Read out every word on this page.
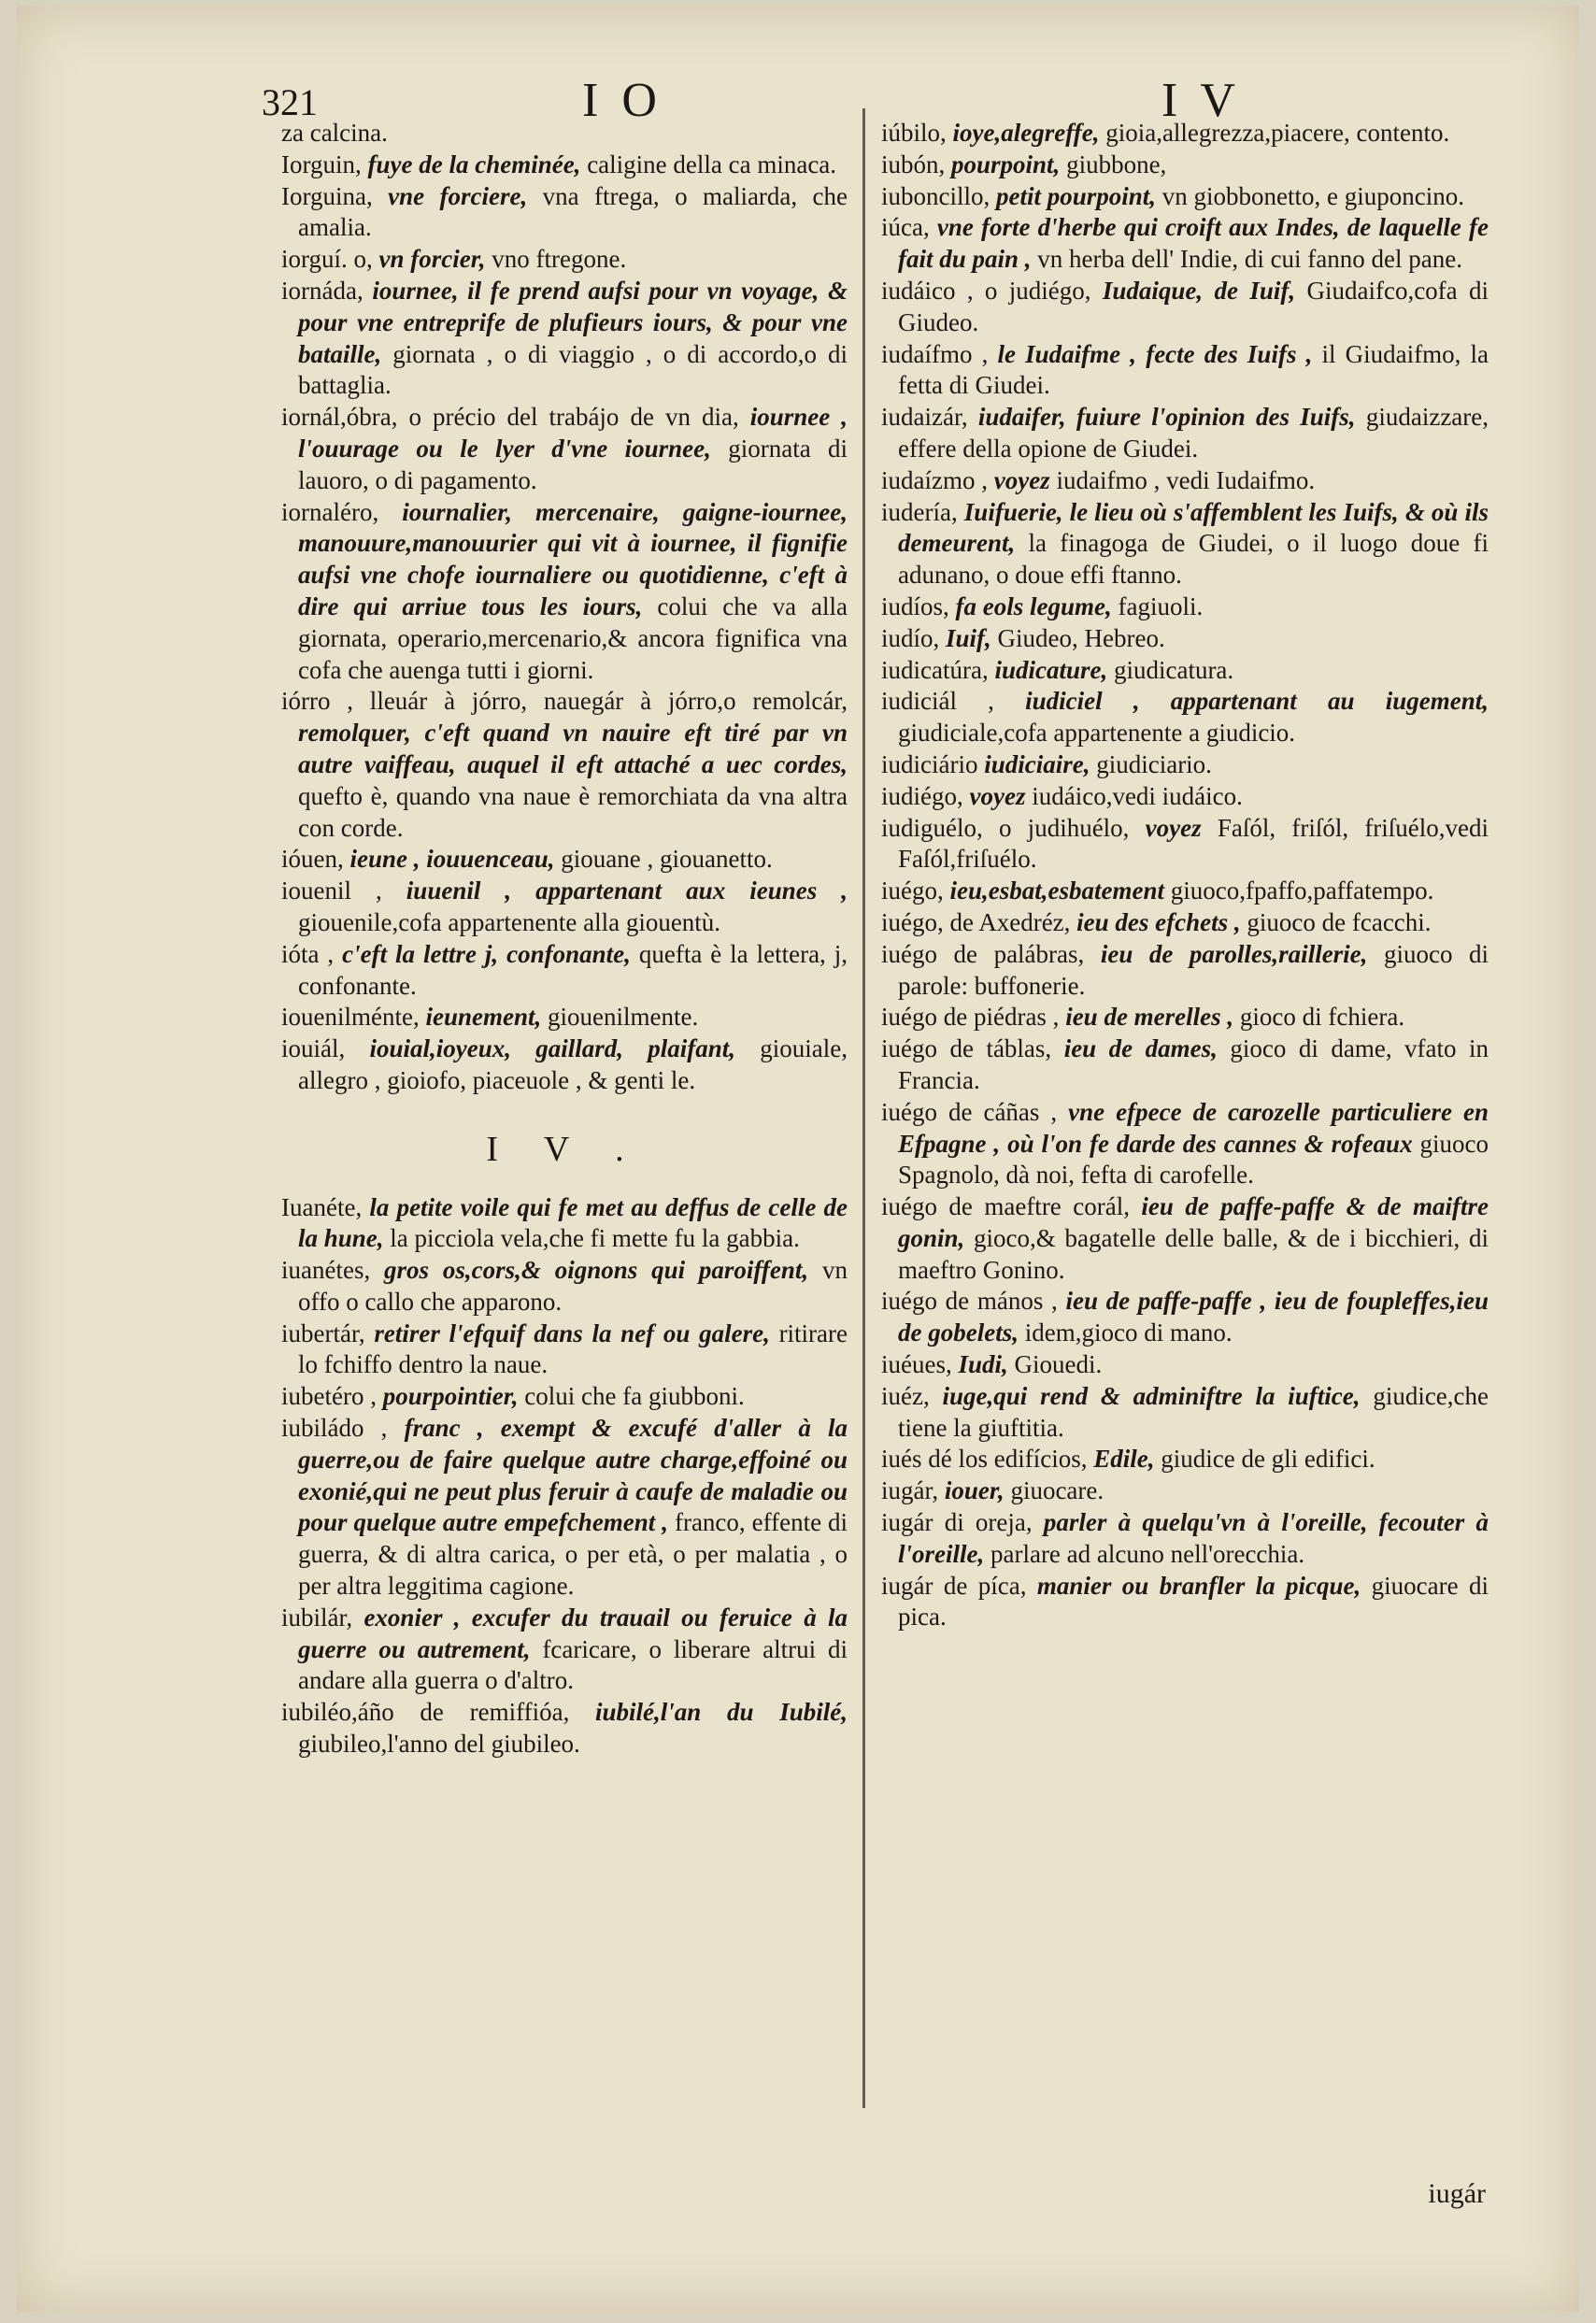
321	I O	I V
za calcina.
Iorguin, fuye de la cheminée, caligine della ca minaca.
Iorguina, vne forciere, vna ftrega, o maliarda, che amalia.
iorguí. o, vn forcier, vno ftregone.
iornáda, iournee, il fe prend aufsi pour vn voyage, & pour vne entreprife de plufieurs iours, & pour vne bataille, giornata , o di viaggio , o di accordo,o di battaglia.
iornál,óbra, o précio del trabájo de vn dia, iournee , l'ouurage ou le lyer d'vne iournee, giornata di lauoro, o di pagamento.
iornaléro, iournalier, mercenaire, gaigne-iournee, manouure,manouurier qui vit à iournee, il fignifie aufsi vne chofe iournaliere ou quotidienne, c'eft à dire qui arriue tous les iours, colui che va alla giornata, operario,mercenario,& ancora fignifica vna cofa che auenga tutti i giorni.
iórro , lleuár à jórro, nauegár à jórro,o remolcár, remolquer, c'eft quand vn nauire eft tiré par vn autre vaiffeau, auquel il eft attaché a uec cordes, quefto è, quando vna naue è remorchiata da vna altra con corde.
ióuen, ieune , iouuenceau, giouane , giouanetto.
iouenil , iuuenil , appartenant aux ieunes , giouenile,cofa appartenente alla giouentù.
ióta , c'eft la lettre j, confonante, quefta è la lettera, j, confonante.
iouenilménte, ieunement, giouenilmente.
iouiál, iouial,ioyeux, gaillard, plaifant, giouiale, allegro , gioiofo, piaceuole , & genti le.
I V .
Iuanéte, la petite voile qui fe met au deffus de celle de la hune, la picciola vela,che fi mette fu la gabbia.
iuanétes, gros os,cors,& oignons qui paroiffent, vn offo o callo che apparono.
iubertár, retirer l'efquif dans la nef ou galere, ritirare lo fchiffo dentro la naue.
iubetéro , pourpointier, colui che fa giubboni.
iubiládo , franc , exempt & excufé d'aller à la guerre,ou de faire quelque autre charge,effoiné ou exonié,qui ne peut plus feruir à caufe de maladie ou pour quelque autre empefchement , franco, effente di guerra, & di altra carica, o per età, o per malatia , o per altra leggitima cagione.
iubilár, exonier , excufer du trauail ou feruice à la guerre ou autrement, fcaricare, o liberare altrui di andare alla guerra o d'altro.
iubiléo,áño de remiffióa, iubilé,l'an du Iubilé, giubileo,l'anno del giubileo.
iúbilo, ioye,alegreffe, gioia,allegrezza,piacere, contento.
iubón, pourpoint, giubbone,
iuboncillo, petit pourpoint, vn giobbonetto, e giuponcino.
iúca, vne forte d'herbe qui croift aux Indes, de laquelle fe fait du pain , vn herba dell' Indie, di cui fanno del pane.
iudáico , o judiégo, Iudaique, de Iuif, Giudaifco,cofa di Giudeo.
iudaífmo , le Iudaifme , fecte des Iuifs , il Giudaifmo, la fetta di Giudei.
iudaizár, iudaifer, fuiure l'opinion des Iuifs, giudaizzare, effere della opione de Giudei.
iudaízmo , voyez iudaifmo , vedi Iudaifmo.
iudería, Iuifuerie, le lieu où s'affemblent les Iuifs, & où ils demeurent, la finagoga de Giudei, o il luogo doue fi adunano, o doue effi ftanno.
iudíos, fa eols legume, fagiuoli.
iudío, Iuif, Giudeo, Hebreo.
iudicatúra, iudicature, giudicatura.
iudiciál , iudiciel , appartenant au iugement, giudiciale,cofa appartenente a giudicio.
iudiciário iudiciaire, giudiciario.
iudiégo, voyez iudáico,vedi iudáico.
iudiguélo, o judihuélo, voyez Faſól, friſól, friſuélo,vedi Faſól,friſuélo.
iuégo, ieu,esbat,esbatement giuoco,fpaffo,paffatempo.
iuégo, de Axedréz, ieu des efchets , giuoco de fcacchi.
iuégo de palábras, ieu de parolles,raillerie, giuoco di parole: buffonerie.
iuégo de piédras , ieu de merelles , gioco di fchiera.
iuégo de táblas, ieu de dames, gioco di dame, vfato in Francia.
iuégo de cáñas , vne efpece de carozelle particuliere en Efpagne , où l'on fe darde des cannes & rofeaux giuoco Spagnolo, dà noi, fefta di carofelle.
iuégo de maeftre corál, ieu de paffe-paffe & de maiftre gonin, gioco,& bagatelle delle balle, & de i bicchieri, di maeftro Gonino.
iuégo de mános , ieu de paffe-paffe , ieu de foupleffes,ieu de gobelets, idem,gioco di mano.
iuéues, Iudi, Giouedi.
iuéz, iuge,qui rend & adminiftre la iuftice, giudice,che tiene la giuftitia.
iués dé los edifícios, Edile, giudice de gli edifici.
iugár, iouer, giuocare.
iugár di oreja, parler à quelqu'vn à l'oreille, fecouter à l'oreille, parlare ad alcuno nell'orecchia.
iugár de píca, manier ou branfler la picque, giuocare di pica.
iugár
